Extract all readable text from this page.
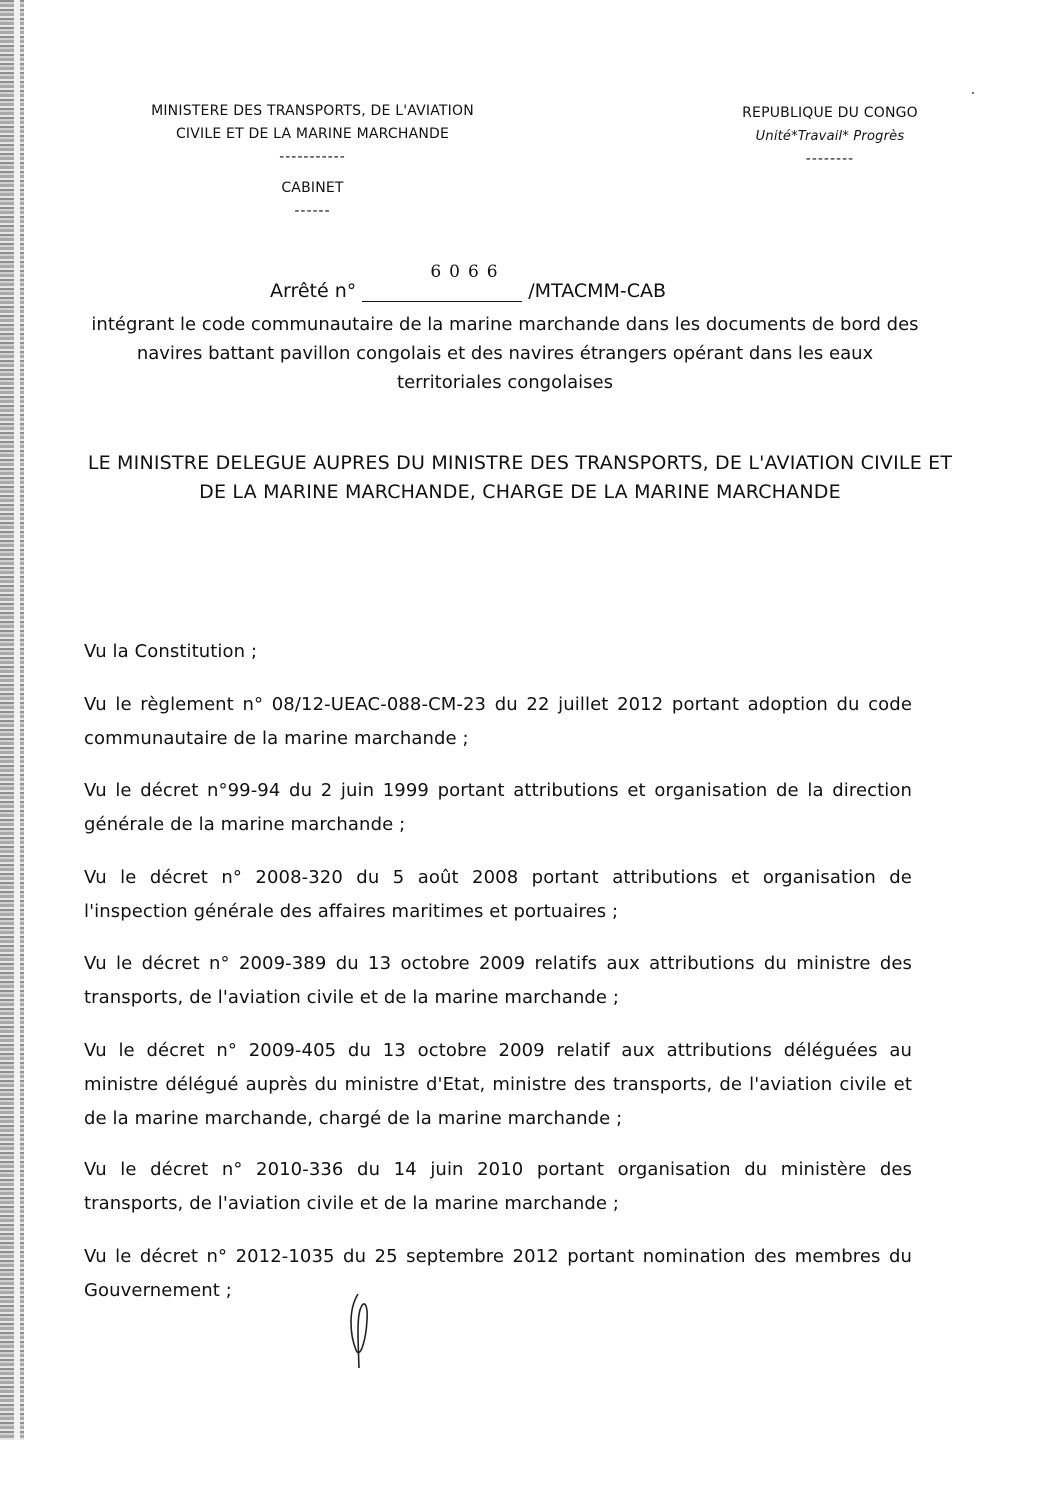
MINISTERE DES TRANSPORTS, DE L'AVIATION
CIVILE ET DE LA MARINE MARCHANDE
-----------
CABINET
------
REPUBLIQUE DU CONGO
Unité*Travail* Progrès
--------
6066
Arrêté n°	/MTACMM-CAB
intégrant le code communautaire de la marine marchande dans les documents de bord des navires battant pavillon congolais et des navires étrangers opérant dans les eaux territoriales congolaises
LE MINISTRE DELEGUE AUPRES DU MINISTRE DES TRANSPORTS, DE L'AVIATION CIVILE ET DE LA MARINE MARCHANDE, CHARGE DE LA MARINE MARCHANDE
Vu la Constitution ;
Vu le règlement n° 08/12-UEAC-088-CM-23 du 22 juillet 2012 portant adoption du code communautaire de la marine marchande ;
Vu le décret n°99-94 du 2 juin 1999 portant attributions et organisation de la direction générale de la marine marchande ;
Vu le décret n° 2008-320 du 5 août 2008 portant attributions et organisation de l'inspection générale des affaires maritimes et portuaires ;
Vu le décret n° 2009-389 du 13 octobre 2009 relatifs aux attributions du ministre des transports, de l'aviation civile et de la marine marchande ;
Vu le décret n° 2009-405 du 13 octobre 2009 relatif aux attributions déléguées au ministre délégué auprès du ministre d'Etat, ministre des transports, de l'aviation civile et de la marine marchande, chargé de la marine marchande ;
Vu le décret n° 2010-336 du 14 juin 2010 portant organisation du ministère des transports, de l'aviation civile et de la marine marchande ;
Vu le décret n° 2012-1035 du 25 septembre 2012 portant nomination des membres du Gouvernement ;
